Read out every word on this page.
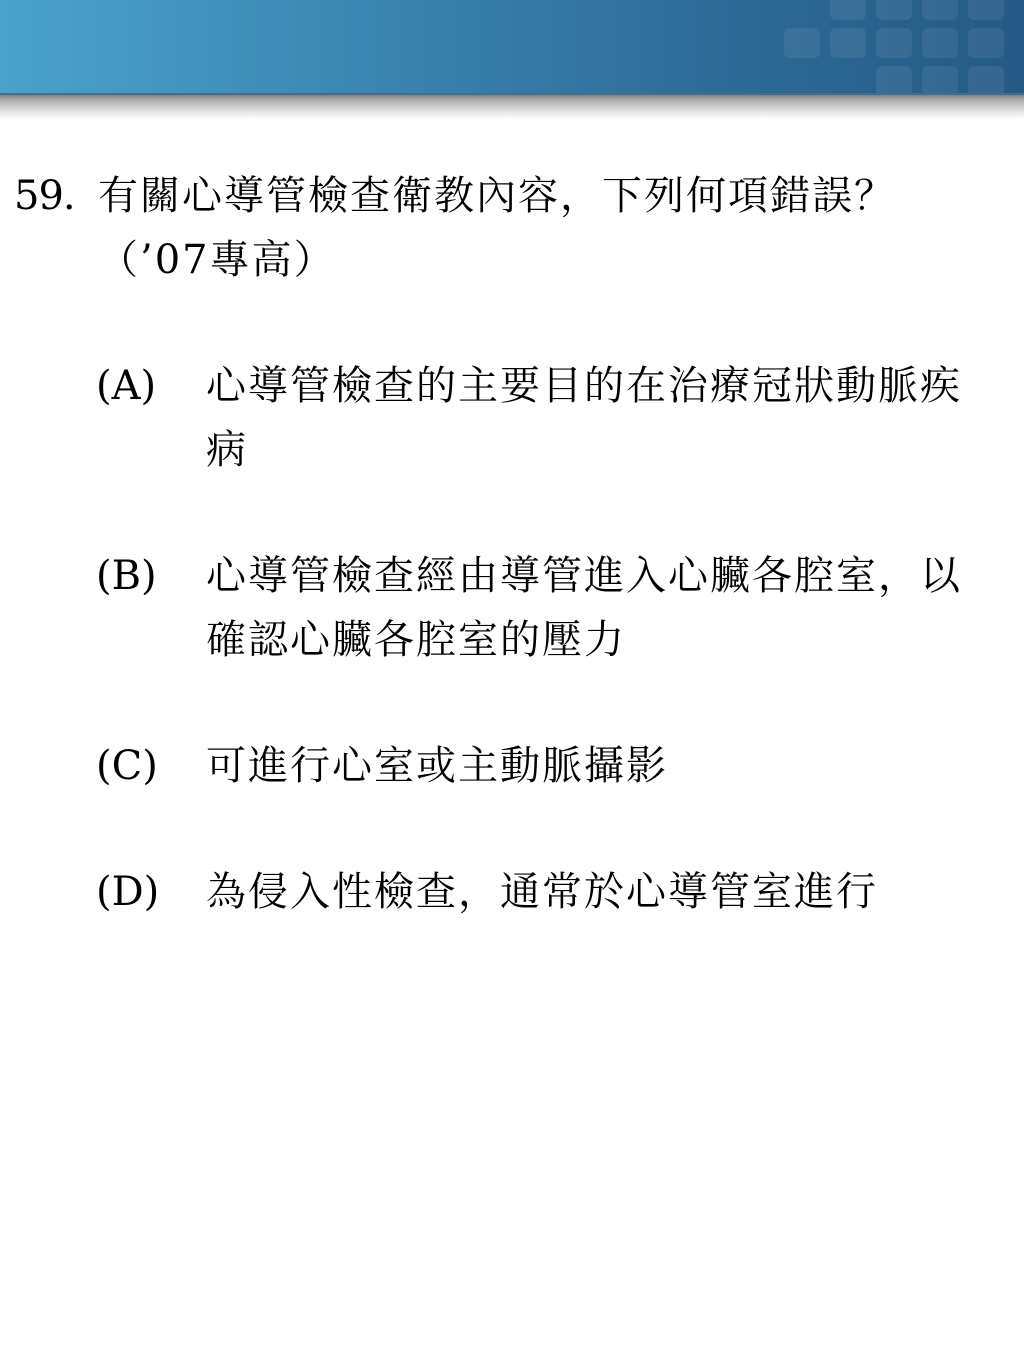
59. 有關心導管檢查衛教內容，下列何項錯誤？（’07專高）
(A)	心導管檢查的主要目的在治療冠狀動脈疾病
(B)	心導管檢查經由導管進入心臟各腔室，以確認心臟各腔室的壓力
(C)	可進行心室或主動脈攝影
(D)	為侵入性檢查，通常於心導管室進行
